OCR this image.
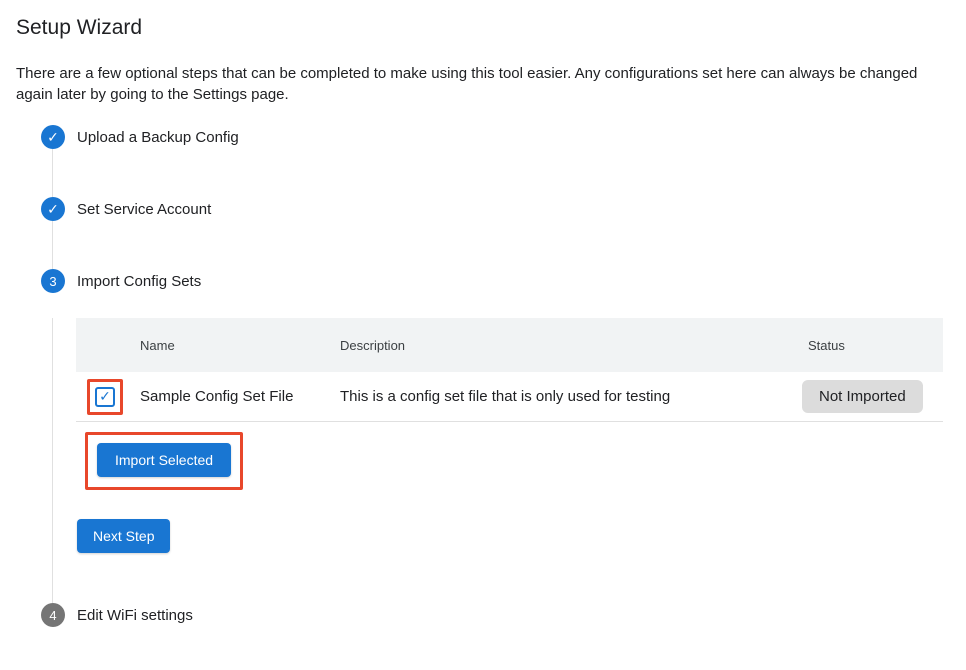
Setup Wizard

There are a few optional steps that can be completed to make using this tool easier. Any configurations set here can always be changed again later by going to the Settings page.

✓ Upload a Backup Config
✓ Set Service Account
3 Import Config Sets
Name	Description	Status
✓ Sample Config Set File	This is a config set file that is only used for testing	Not Imported
Import Selected
Next Step
4 Edit WiFi settings
